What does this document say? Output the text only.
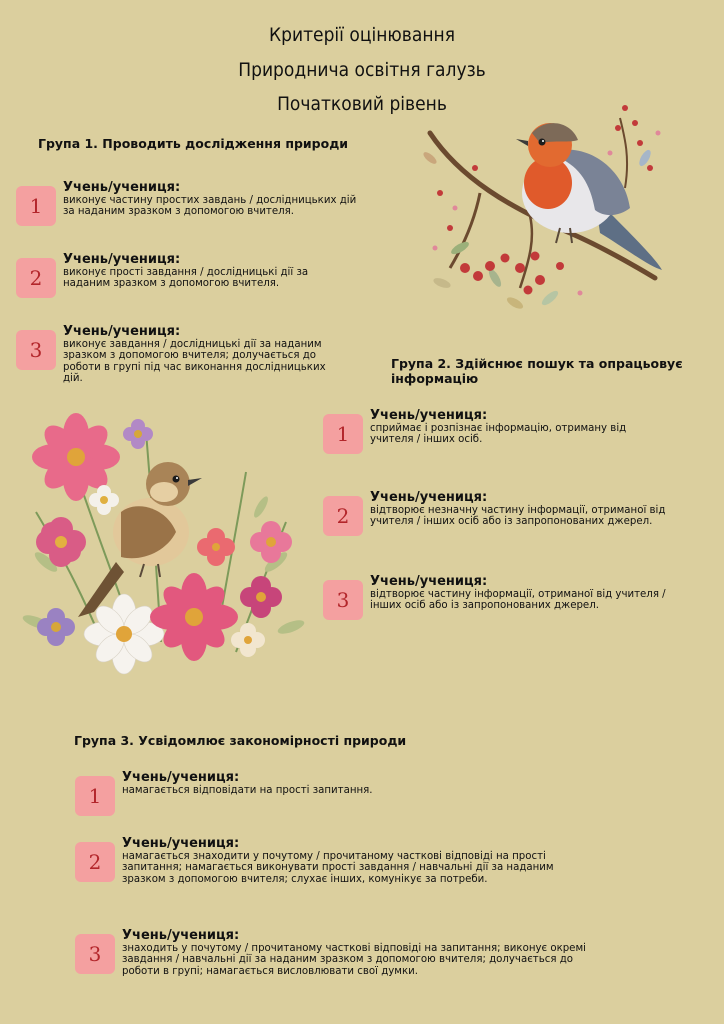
Критерії оцінювання
Природнича освітня галузь
Початковий рівень
Група 1. Проводить дослідження природи
1
Учень/учениця:
виконує частину простих завдань / дослідницьких дій за наданим зразком з допомогою вчителя.
2
Учень/учениця:
виконує прості завдання / дослідницькі дії за наданим зразком з допомогою вчителя.
3
Учень/учениця:
виконує завдання / дослідницькі дії за наданим зразком з допомогою вчителя; долучається до роботи в групі під час виконання дослідницьких дій.
Група 2. Здійснює пошук та опрацьовує інформацію
1
Учень/учениця:
сприймає і розпізнає інформацію, отриману від учителя / інших осіб.
2
Учень/учениця:
відтворює незначну частину інформації, отриманої від учителя / інших осіб або із запропонованих джерел.
3
Учень/учениця:
відтворює частину інформації, отриманої від учителя / інших осіб або із запропонованих джерел.
Група 3. Усвідомлює закономірності природи
1
Учень/учениця:
намагається відповідати на прості запитання.
2
Учень/учениця:
намагається знаходити у почутому / прочитаному часткові відповіді на прості запитання; намагається виконувати прості завдання / навчальні дії за наданим зразком з допомогою вчителя; слухає інших, комунікує за потреби.
3
Учень/учениця:
знаходить у почутому / прочитаному часткові відповіді на запитання; виконує окремі завдання / навчальні дії за наданим зразком з допомогою вчителя; долучається до роботи в групі; намагається висловлювати свої думки.
